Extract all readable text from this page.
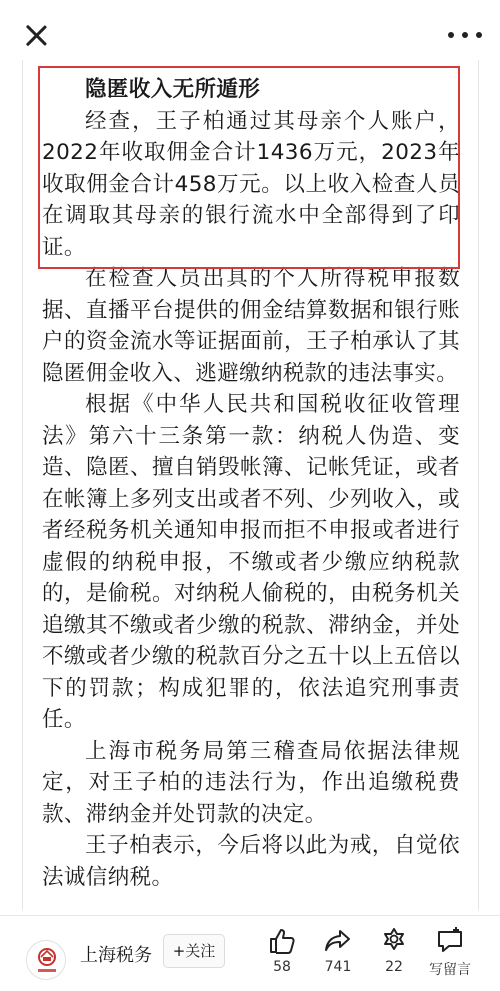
隐匿收入无所遁形

经查，王子柏通过其母亲个人账户，2022年收取佣金合计1436万元，2023年收取佣金合计458万元。以上收入检查人员在调取其母亲的银行流水中全部得到了印证。

在检查人员出具的个人所得税申报数据、直播平台提供的佣金结算数据和银行账户的资金流水等证据面前，王子柏承认了其隐匿佣金收入、逃避缴纳税款的违法事实。

根据《中华人民共和国税收征收管理法》第六十三条第一款：纳税人伪造、变造、隐匿、擅自销毁帐簿、记帐凭证，或者在帐簿上多列支出或者不列、少列收入，或者经税务机关通知申报而拒不申报或者进行虚假的纳税申报，不缴或者少缴应纳税款的，是偷税。对纳税人偷税的，由税务机关追缴其不缴或者少缴的税款、滞纳金，并处不缴或者少缴的税款百分之五十以上五倍以下的罚款；构成犯罪的，依法追究刑事责任。

上海市税务局第三稽查局依据法律规定，对王子柏的违法行为，作出追缴税费款、滞纳金并处罚款的决定。

王子柏表示，今后将以此为戒，自觉依法诚信纳税。

上海税务	+关注
58	741	22	写留言
